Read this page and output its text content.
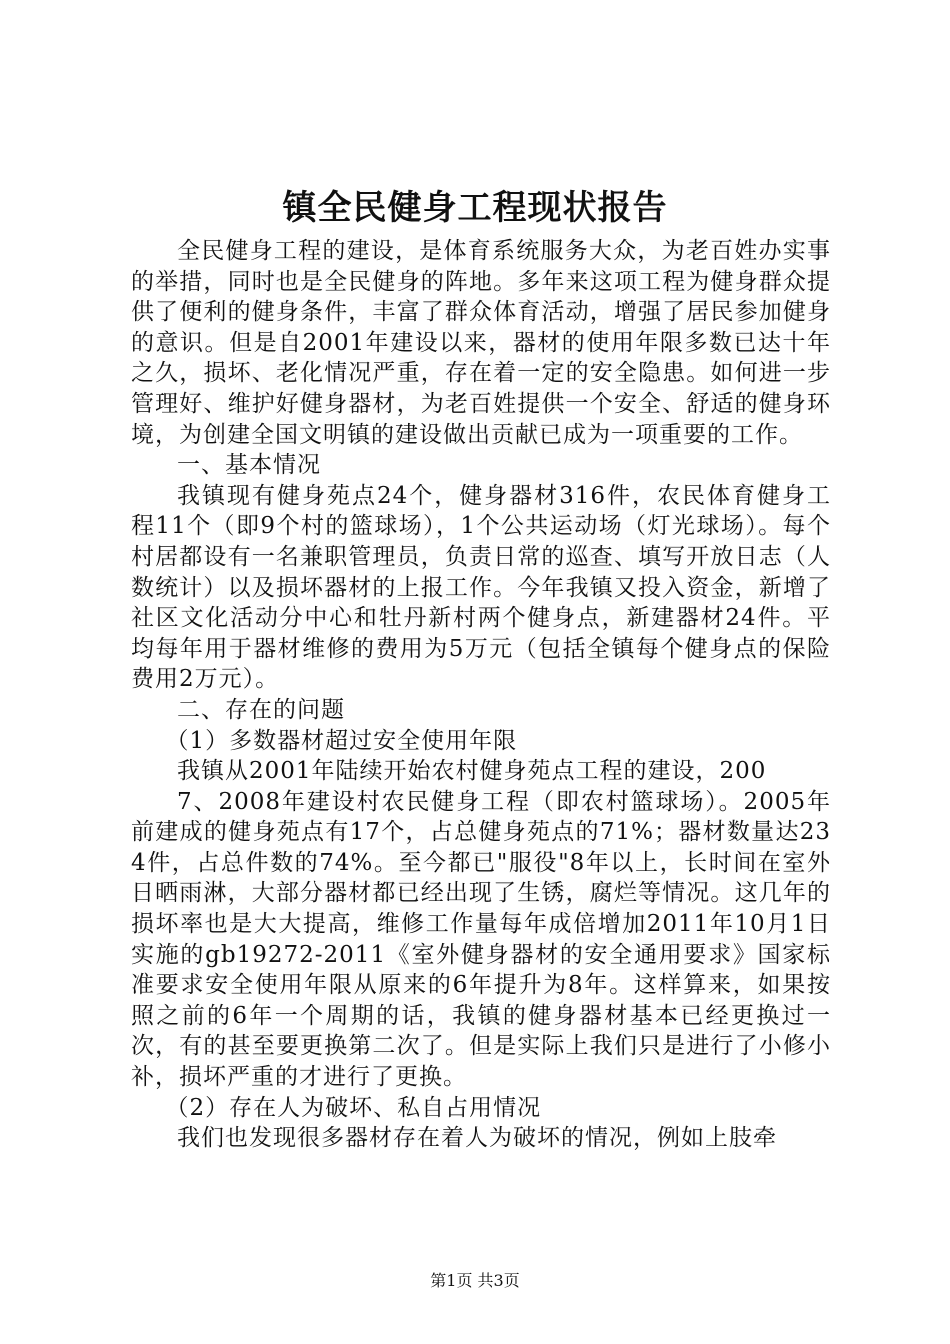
镇全民健身工程现状报告

全民健身工程的建设，是体育系统服务大众，为老百姓办实事的举措，同时也是全民健身的阵地。多年来这项工程为健身群众提供了便利的健身条件，丰富了群众体育活动，增强了居民参加健身的意识。但是自2001年建设以来，器材的使用年限多数已达十年之久，损坏、老化情况严重，存在着一定的安全隐患。如何进一步管理好、维护好健身器材，为老百姓提供一个安全、舒适的健身环境，为创建全国文明镇的建设做出贡献已成为一项重要的工作。

一、基本情况

我镇现有健身苑点24个，健身器材316件，农民体育健身工程11个（即9个村的篮球场），1个公共运动场（灯光球场）。每个村居都设有一名兼职管理员，负责日常的巡查、填写开放日志（人数统计）以及损坏器材的上报工作。今年我镇又投入资金，新增了社区文化活动分中心和牡丹新村两个健身点，新建器材24件。平均每年用于器材维修的费用为5万元（包括全镇每个健身点的保险费用2万元）。

二、存在的问题

（1）多数器材超过安全使用年限

我镇从2001年陆续开始农村健身苑点工程的建设，200

7、2008年建设村农民健身工程（即农村篮球场）。2005年前建成的健身苑点有17个，占总健身苑点的71%；器材数量达234件，占总件数的74%。至今都已"服役"8年以上，长时间在室外日晒雨淋，大部分器材都已经出现了生锈，腐烂等情况。这几年的损坏率也是大大提高，维修工作量每年成倍增加2011年10月1日实施的gb19272-2011《室外健身器材的安全通用要求》国家标准要求安全使用年限从原来的6年提升为8年。这样算来，如果按照之前的6年一个周期的话，我镇的健身器材基本已经更换过一次，有的甚至要更换第二次了。但是实际上我们只是进行了小修小补，损坏严重的才进行了更换。

（2）存在人为破坏、私自占用情况

我们也发现很多器材存在着人为破坏的情况，例如上肢牵

第1页 共3页
